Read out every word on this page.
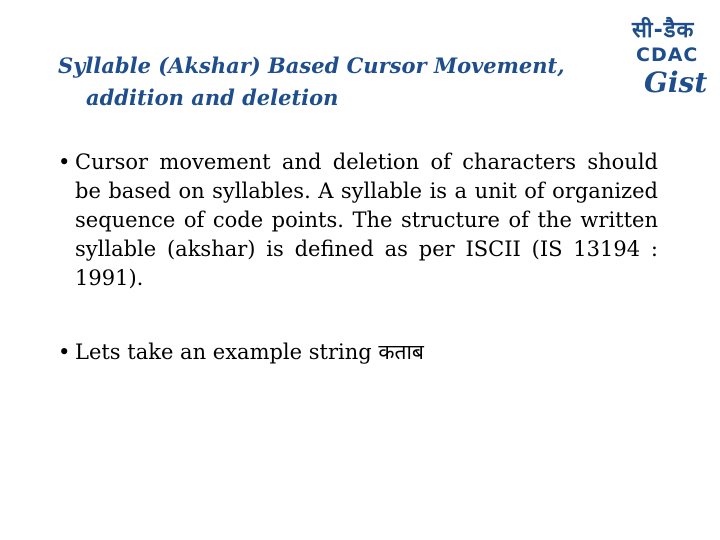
Syllable (Akshar) Based Cursor Movement,
addition and deletion
सी-डैक
CDAC
Gist
• Cursor movement and deletion of characters should be based on syllables. A syllable is a unit of organized sequence of code points. The structure of the written syllable (akshar) is defined as per ISCII (IS 13194 : 1991).
• Lets take an example string कताब
